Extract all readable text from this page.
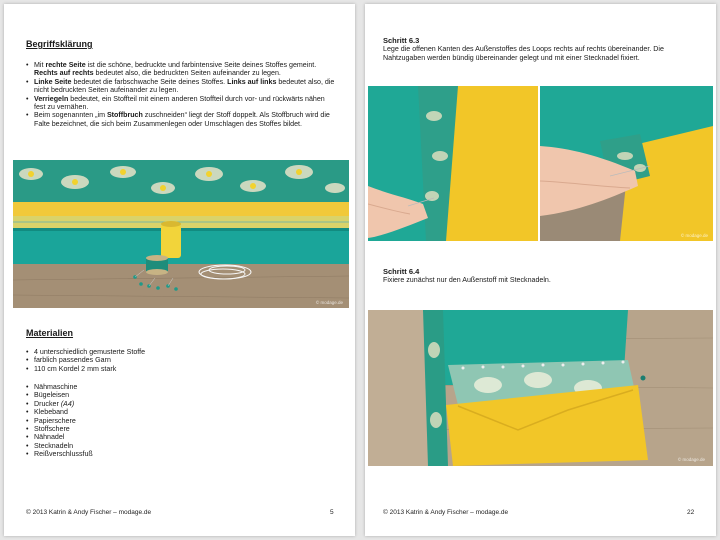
Begriffsklärung
• Mit rechte Seite ist die schöne, bedruckte und farbintensive Seite deines Stoffes gemeint. Rechts auf rechts bedeutet also, die bedruckten Seiten aufeinander zu legen.
• Linke Seite bedeutet die farbschwache Seite deines Stoffes. Links auf links bedeutet also, die nicht bedruckten Seiten aufeinander zu legen.
• Verriegeln bedeutet, ein Stoffteil mit einem anderen Stoffteil durch vor- und rückwärts nähen fest zu vernähen.
• Beim sogenannten „im Stoffbruch zuschneiden“ liegt der Stoff doppelt. Als Stoffbruch wird die Falte bezeichnet, die sich beim Zusammenlegen oder Umschlagen des Stoffes bildet.
© modage.de
Materialien
• 4 unterschiedlich gemusterte Stoffe
• farblich passendes Garn
• 110 cm Kordel 2 mm stark
• Nähmaschine
• Bügeleisen
• Drucker (A4)
• Klebeband
• Papierschere
• Stoffschere
• Nähnadel
• Stecknadeln
• Reißverschlussfuß
© 2013 Katrin & Andy Fischer – modage.de	5
Schritt 6.3
Lege die offenen Kanten des Außenstoffes des Loops rechts auf rechts übereinander. Die Nahtzugaben werden bündig übereinander gelegt und mit einer Stecknadel fixiert.
© modage.de
Schritt 6.4
Fixiere zunächst nur den Außenstoff mit Stecknadeln.
© modage.de
© 2013 Katrin & Andy Fischer – modage.de	22
